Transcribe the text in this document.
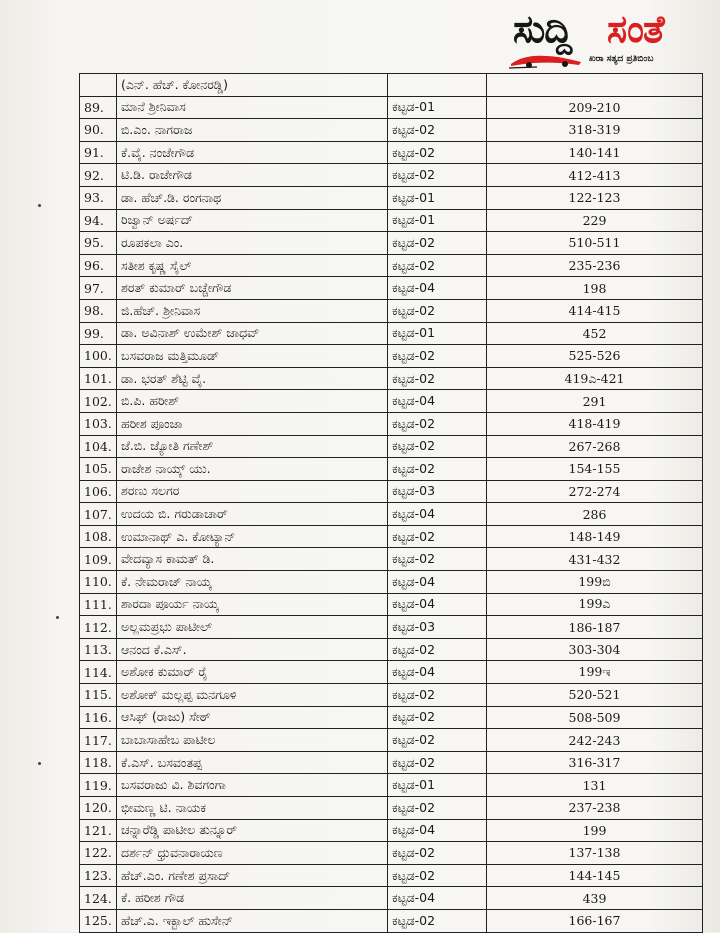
ಸುದ್ದಿ ಸಂತೆ
ಖರಾ ಸತ್ಯದ ಪ್ರತಿಬಿಂಬ
	(ಎನ್. ಹೆಚ್. ಕೋನರಡ್ಡಿ)		
89.	ಮಾನೆ ಶ್ರೀನಿವಾಸ	ಕಟ್ಟಡ-01	209-210
90.	ಬಿ.ಎಂ. ನಾಗರಾಜ	ಕಟ್ಟಡ-02	318-319
91.	ಕೆ.ವೈ. ನಂಜೇಗೌಡ	ಕಟ್ಟಡ-02	140-141
92.	ಟಿ.ಡಿ. ರಾಜೇಗೌಡ	ಕಟ್ಟಡ-02	412-413
93.	ಡಾ. ಹೆಚ್.ಡಿ. ರಂಗನಾಥ	ಕಟ್ಟಡ-01	122-123
94.	ರಿಜ್ವಾನ್ ಅರ್ಷದ್	ಕಟ್ಟಡ-01	229
95.	ರೂಪಕಲಾ ಎಂ.	ಕಟ್ಟಡ-02	510-511
96.	ಸತೀಶ ಕೃಷ್ಣ ಸೈಲ್	ಕಟ್ಟಡ-02	235-236
97.	ಶರತ್ ಕುಮಾರ್ ಬಚ್ಚೇಗೌಡ	ಕಟ್ಟಡ-04	198
98.	ಜಿ.ಹೆಚ್. ಶ್ರೀನಿವಾಸ	ಕಟ್ಟಡ-02	414-415
99.	ಡಾ. ಅವಿನಾಶ್ ಉಮೇಶ್ ಜಾಧವ್	ಕಟ್ಟಡ-01	452
100.	ಬಸವರಾಜ ಮತ್ತಿಮೂಡ್	ಕಟ್ಟಡ-02	525-526
101.	ಡಾ. ಭರತ್ ಶೆಟ್ಟಿ ವೈ.	ಕಟ್ಟಡ-02	419ಎ-421
102.	ಬಿ.ಪಿ. ಹರೀಶ್	ಕಟ್ಟಡ-04	291
103.	ಹರೀಶ ಪೂಂಜಾ	ಕಟ್ಟಡ-02	418-419
104.	ಜೆ.ಬಿ. ಜ್ಯೋತಿ ಗಣೇಶ್	ಕಟ್ಟಡ-02	267-268
105.	ರಾಜೇಶ ನಾಯ್ಕ್ ಯು.	ಕಟ್ಟಡ-02	154-155
106.	ಶರಣು ಸಲಗರ	ಕಟ್ಟಡ-03	272-274
107.	ಉದಯ ಬಿ. ಗರುಡಾಚಾರ್	ಕಟ್ಟಡ-04	286
108.	ಉಮಾನಾಥ್ ಎ. ಕೋಟ್ಯಾನ್	ಕಟ್ಟಡ-02	148-149
109.	ವೇದವ್ಯಾಸ ಕಾಮತ್ ಡಿ.	ಕಟ್ಟಡ-02	431-432
110.	ಕೆ. ನೇಮರಾಜ್ ನಾಯ್ಕ	ಕಟ್ಟಡ-04	199ಬಿ
111.	ಶಾರದಾ ಪೂರ್ಯ ನಾಯ್ಕ	ಕಟ್ಟಡ-04	199ಎ
112.	ಅಲ್ಲಮಪ್ರಭು ಪಾಟೀಲ್	ಕಟ್ಟಡ-03	186-187
113.	ಆನಂದ ಕೆ.ಎಸ್.	ಕಟ್ಟಡ-02	303-304
114.	ಅಶೋಕ ಕುಮಾರ್ ರೈ	ಕಟ್ಟಡ-04	199ಇ
115.	ಅಶೋಕ್ ಮಲ್ಲಪ್ಪ ಮನಗೂಳಿ	ಕಟ್ಟಡ-02	520-521
116.	ಆಸಿಫ್ (ರಾಜು) ಸೇಠ್	ಕಟ್ಟಡ-02	508-509
117.	ಬಾಬಾಸಾಹೇಬ ಪಾಟೀಲ	ಕಟ್ಟಡ-02	242-243
118.	ಕೆ.ಎಸ್. ಬಸವಂತಪ್ಪ	ಕಟ್ಟಡ-02	316-317
119.	ಬಸವರಾಜು ವಿ. ಶಿವಗಂಗಾ	ಕಟ್ಟಡ-01	131
120.	ಭೀಮಣ್ಣ ಟಿ. ನಾಯಕ	ಕಟ್ಟಡ-02	237-238
121.	ಚನ್ನಾರೆಡ್ಡಿ ಪಾಟೀಲ ತುನ್ನೂರ್	ಕಟ್ಟಡ-04	199
122.	ದರ್ಶನ್ ಧ್ರುವನಾರಾಯಣ	ಕಟ್ಟಡ-02	137-138
123.	ಹೆಚ್.ಎಂ. ಗಣೇಶ ಪ್ರಸಾದ್	ಕಟ್ಟಡ-02	144-145
124.	ಕೆ. ಹರೀಶ ಗೌಡ	ಕಟ್ಟಡ-04	439
125.	ಹೆಚ್.ಎ. ಇಕ್ಬಾಲ್ ಹುಸೇನ್	ಕಟ್ಟಡ-02	166-167
